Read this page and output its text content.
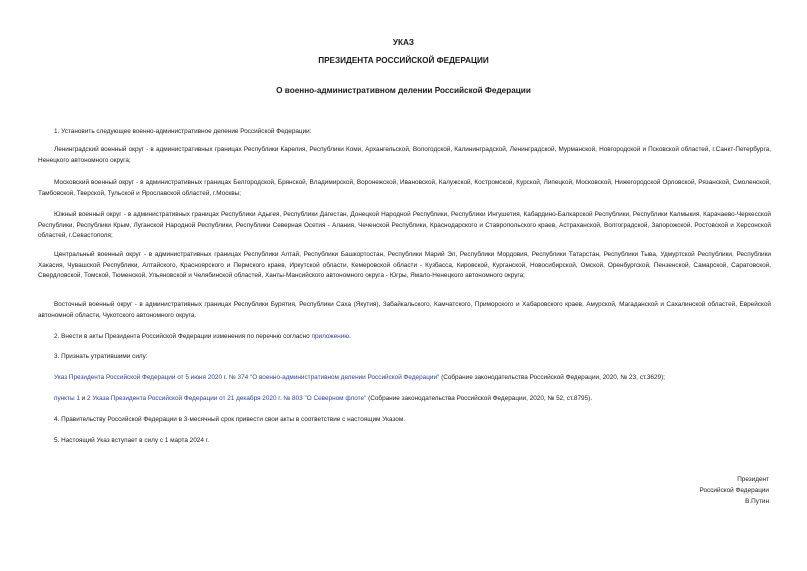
УКАЗ
ПРЕЗИДЕНТА РОССИЙСКОЙ ФЕДЕРАЦИИ
О военно-административном делении Российской Федерации

1. Установить следующее военно-административное деление Российской Федерации:

Ленинградский военный округ - в административных границах Республики Карелия, Республики Коми, Архангельской, Вологодской, Калининградской, Ленинградской, Мурманской, Новгородской и Псковской областей, г.Санкт-Петербурга, Ненецкого автономного округа;

Московский военный округ - в административных границах Белгородской, Брянской, Владимирской, Воронежской, Ивановской, Калужской, Костромской, Курской, Липецкой, Московской, Нижегородской Орловской, Рязанской, Смоленской, Тамбовской, Тверской, Тульской и Ярославской областей, г.Москвы;

Южный военный округ - в административных границах Республики Адыгея, Республики Дагестан, Донецкой Народной Республики, Республики Ингушетия, Кабардино-Балкарской Республики, Республики Калмыкия, Карачаево-Черкесской Республики, Республики Крым, Луганской Народной Республики, Республики Северная Осетия - Алания, Чеченской Республики, Краснодарского и Ставропольского краев, Астраханской, Волгоградской, Запорожской, Ростовской и Херсонской областей, г.Севастополя;

Центральный военный округ - в административных границах Республики Алтай, Республики Башкортостан, Республики Марий Эл, Республики Мордовия, Республики Татарстан, Республики Тыва, Удмуртской Республики, Республики Хакасия, Чувашской Республики, Алтайского, Красноярского и Пермского краев, Иркутской области, Кемеровской области - Кузбасса, Кировской, Курганской, Новосибирской, Омской, Оренбургской, Пензенской, Самарской, Саратовской, Свердловской, Томской, Тюменской, Ульяновской и Челябинской областей, Ханты-Мансийского автономного округа - Югры, Ямало-Ненецкого автономного округа;

Восточный военный округ - в административных границах Республики Бурятия, Республики Саха (Якутия), Забайкальского, Камчатского, Приморского и Хабаровского краев, Амурской, Магаданской и Сахалинской областей, Еврейской автономной области, Чукотского автономного округа.

2. Внести в акты Президента Российской Федерации изменения по перечню согласно приложению.

3. Признать утратившими силу:

Указ Президента Российской Федерации от 5 июня 2020 г. № 374 "О военно-административном делении Российской Федерации" (Собрание законодательства Российской Федерации, 2020, № 23, ст.3629);

пункты 1 и 2 Указа Президента Российской Федерации от 21 декабря 2020 г. № 803 "О Северном флоте" (Собрание законодательства Российской Федерации, 2020, № 52, ст.8795).

4. Правительству Российской Федерации в 3-месячный срок привести свои акты в соответствие с настоящим Указом.

5. Настоящий Указ вступает в силу с 1 марта 2024 г.

Президент
Российской Федерации
В.Путин
